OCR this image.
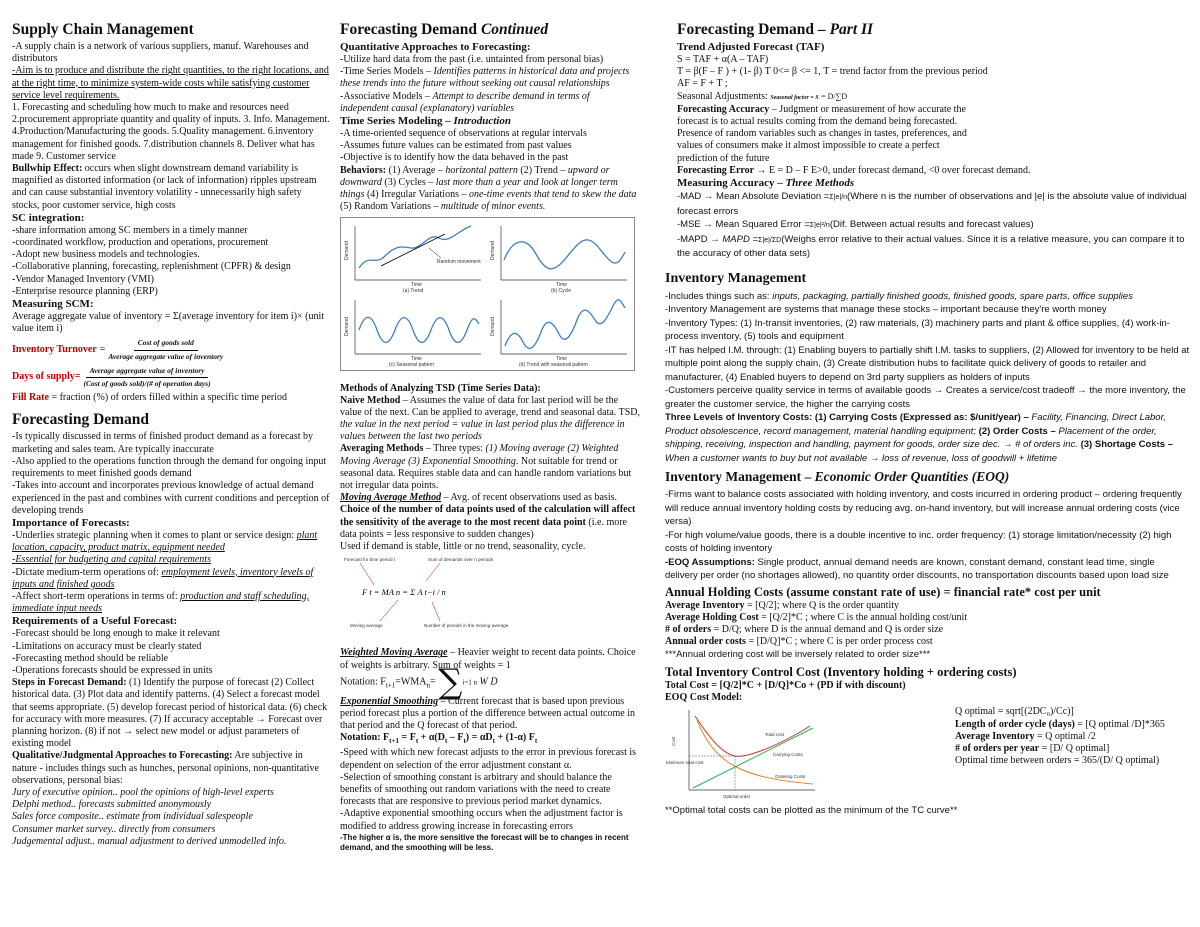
Supply Chain Management

-A supply chain is a network of various suppliers, manuf. Warehouses and distributors

-Aim is to produce and distribute the right quantities, to the right locations, and at the right time, to minimize system-wide costs while satisfying customer service level requirements.

1. Forecasting and scheduling how much to make and resources need 2.procurement appropriate quantity and quality of inputs. 3. Info. Management. 4.Production/Manufacturing the goods. 5.Quality management. 6.inventory management for finished goods. 7.distribution channels 8. Deliver what has made 9. Customer service

Bullwhip Effect: occurs when slight downstream demand variability is magnified as distorted information (or lack of information) ripples upstream and can cause substantial inventory volatility - unnecessarily high safety stocks, poor customer service, high costs

SC integration:

-share information among SC members in a timely manner

-coordinated workflow, production and operations, procurement

-Adopt new business models and technologies.

-Collaborative planning, forecasting, replenishment (CPFR) & design

-Vendor Managed Inventory (VMI)

-Enterprise resource planning (ERP)

Measuring SCM:

Average aggregate value of inventory = Σ(average inventory for item i)× (unit value item i)

Inventory Turnover =
Cost of goods sold
Average aggregate value of inventory
Days of supply=
Average aggregate value of inventory
(Cost of goods sold)/(# of operation days)

Fill Rate = fraction (%) of orders filled within a specific time period

Forecasting Demand

-Is typically discussed in terms of finished product demand as a forecast by marketing and sales team. Are typically inaccurate

-Also applied to the operations function through the demand for ongoing input requirements to meet finished goods demand

-Takes into account and incorporates previous knowledge of actual demand experienced in the past and combines with current conditions and perception of developing trends

Importance of Forecasts:

-Underlies strategic planning when it comes to plant or service design: plant location, capacity, product matrix, equipment needed

-Essential for budgeting and capital requirements

-Dictate medium-term operations of: employment levels, inventory levels of inputs and finished goods

-Affect short-term operations in terms of: production and staff scheduling, immediate input needs

Requirements of a Useful Forecast:

-Forecast should be long enough to make it relevant

-Limitations on accuracy must be clearly stated

-Forecasting method should be reliable

-Operations forecasts should be expressed in units

Steps in Forecast Demand: (1) Identify the purpose of forecast (2) Collect historical data. (3) Plot data and identify patterns. (4) Select a forecast model that seems appropriate. (5) develop forecast period of historical data. (6) check for accuracy with more measures. (7) If accuracy acceptable → Forecast over planning horizon. (8) if not → select new model or adjust parameters of existing model

Qualitative/Judgmental Approaches to Forecasting: Are subjective in nature - includes things such as hunches, personal opinions, non-quantitative observations, personal bias:

Jury of executive opinion.. pool the opinions of high-level experts

Delphi method.. forecasts submitted anonymously

Sales force composite.. estimate from individual salespeople

Consumer market survey.. directly from consumers

Judgemental adjust.. manual adjustment to derived unmodelled info.

Forecasting Demand Continued
Quantitative Approaches to Forecasting:

-Utilize hard data from the past (i.e. untainted from personal bias)

-Time Series Models – Identifies patterns in historical data and projects these trends into the future without seeking out causal relationships

-Associative Models – Attempt to describe demand in terms of independent causal (explanatory) variables

Time Series Modeling – Introduction

-A time-oriented sequence of observations at regular intervals

-Assumes future values can be estimated from past values

-Objective is to identify how the data behaved in the past

Behaviors: (1) Average – horizontal pattern (2) Trend – upward or downward (3) Cycles – last more than a year and look at longer term things (4) Irregular Variations – one-time events that tend to skew the data (5) Random Variations – multitude of minor events.

Random movement
Demand
Time
(a) Trend
Demand
Time
(b) Cycle
Demand
Time
(c) Seasonal pattern
Demand
Time
(d) Trend with seasonal pattern
Methods of Analyzing TSD (Time Series Data):

Naive Method – Assumes the value of data for last period will be the value of the next. Can be applied to average, trend and seasonal data. TSD, the value in the next period = value in last period plus the difference in values between the last two periods

Averaging Methods – Three types: (1) Moving average (2) Weighted Moving Average (3) Exponential Smoothing. Not suitable for trend or seasonal data. Requires stable data and can handle random variations but not irregular data points.

Moving Average Method – Avg. of recent observations used as basis. Choice of the number of data points used of the calculation will affect the sensitivity of the average to the most recent data point (i.e. more data points = less responsive to sudden changes)

Used if demand is stable, little or no trend, seasonality, cycle.

Forecast for time period t	Sum of demands over n periods
F t = MA n = Σ A t−i / n
Moving average	Number of periods in the moving average

Weighted Moving Average – Heavier weight to recent data points. Choice of weights is arbitrary. Sum of weights = 1

Notation: $F_{t+1}=WMA_n= \sum i=1$ n W D

Exponential Smoothing – Current forecast that is based upon previous period forecast plus a portion of the difference between actual outcome in that period and the Q forecast of that period.

Notation: $F_{t+1} = F_t + \alpha(D_t - F_t) = \alpha D_t + (1-\alpha)$ $F_t$

-Speed with which new forecast adjusts to the error in previous forecast is dependent on selection of the error adjustment constant α.

-Selection of smoothing constant is arbitrary and should balance the benefits of smoothing out random variations with the need to create forecasts that are responsive to previous period market dynamics.

-Adaptive exponential smoothing occurs when the adjustment factor is modified to address growing increase in forecasting errors

-The higher α is, the more sensitive the forecast will be to changes in recent demand, and the smoothing will be less.

Forecasting Demand – Part II
Trend Adjusted Forecast (TAF)

S = TAF + α(A – TAF)

T = β(F – F ) + (1- β) T 0<= β <= 1, T = trend factor from the previous period

AF = F + T ;

Seasonal Adjustments: Seasonal factor = S = D/∑D

Forecasting Accuracy – Judgment or measurement of how accurate the forecast is to actual results coming from the demand being forecasted. Presence of random variables such as changes in tastes, preferences, and values of consumers make it almost impossible to create a perfect prediction of the future

Forecasting Error → E = D – F E>0, under forecast demand, <0 over forecast demand.

Measuring Accuracy – Three Methods

-MAD → Mean Absolute Deviation =Σ|e|/n(Where n is the number of observations and |e| is the absolute value of individual forecast errors

-MSE → Mean Squared Error =Σ|e|²/n(Dif. Between actual results and forecast values)

-MAPD → MAPD =Σ|e|/ΣD(Weighs error relative to their actual values. Since it is a relative measure, you can compare it to the accuracy of other data sets)

Inventory Management

-Includes things such as: inputs, packaging, partially finished goods, finished goods, spare parts, office supplies

-Inventory Management are systems that manage these stocks – important because they're worth money

-Inventory Types: (1) In-transit inventories, (2) raw materials, (3) machinery parts and plant & office supplies, (4) work-in-process inventory, (5) tools and equipment

-IT has helped I.M. through: (1) Enabling buyers to partially shift I.M. tasks to suppliers, (2) Allowed for inventory to be held at multiple point along the supply chain, (3) Create distribution hubs to facilitate quick delivery of goods to retailer and manufacturer, (4) Enabled buyers to depend on 3rd party suppliers as holders of inputs

-Customers perceive quality service in terms of available goods → Creates a service/cost tradeoff → the more inventory, the greater the customer service, the higher the carrying costs

Three Levels of Inventory Costs: (1) Carrying Costs (Expressed as: $/unit/year) – Facility, Financing, Direct Labor, Product obsolescence, record management, material handling equipment; (2) Order Costs – Placement of the order, shipping, receiving, inspection and handling, payment for goods, order size dec. → # of orders inc. (3) Shortage Costs – When a customer wants to buy but not available → loss of revenue, loss of goodwill + lifetime

Inventory Management – Economic Order Quantities (EOQ)

-Firms want to balance costs associated with holding inventory, and costs incurred in ordering product – ordering frequently will reduce annual inventory holding costs by reducing avg. on-hand inventory, but will increase annual ordering costs (vice versa)

-For high volume/value goods, there is a double incentive to inc. order frequency: (1) storage limitation/necessity (2) high costs of holding inventory

-EOQ Assumptions: Single product, annual demand needs are known, constant demand, constant lead time, single delivery per order (no shortages allowed), no quantity order discounts, no transportation discounts based upon load size

Annual Holding Costs (assume constant rate of use) = financial rate* cost per unit

Average Inventory = [Q/2]; where Q is the order quantity

Average Holding Cost = [Q/2]*C ; where C is the annual holding cost/unit

# of orders = D/Q; where D is the annual demand and Q is order size

Annual order costs = [D/Q]*C ; where C is per order process cost

***Annual ordering cost will be inversely related to order size***

Total Inventory Control Cost (Inventory holding + ordering costs)

Total Cost = [Q/2]*C + [D/Q]*Co + (PD if with discount)

EOQ Cost Model:

Cost
Total cost
Carrying Costs
Ordering Costs
Minimum total cost
Optimal order

Q optimal = sqrt[(2DC₀)/Cc)]

Length of order cycle (days) = [Q optimal /D]*365

Average Inventory = Q optimal /2

# of orders per year = [D/ Q optimal]

Optimal time between orders = 365/(D/ Q optimal)

**Optimal total costs can be plotted as the minimum of the TC curve**
